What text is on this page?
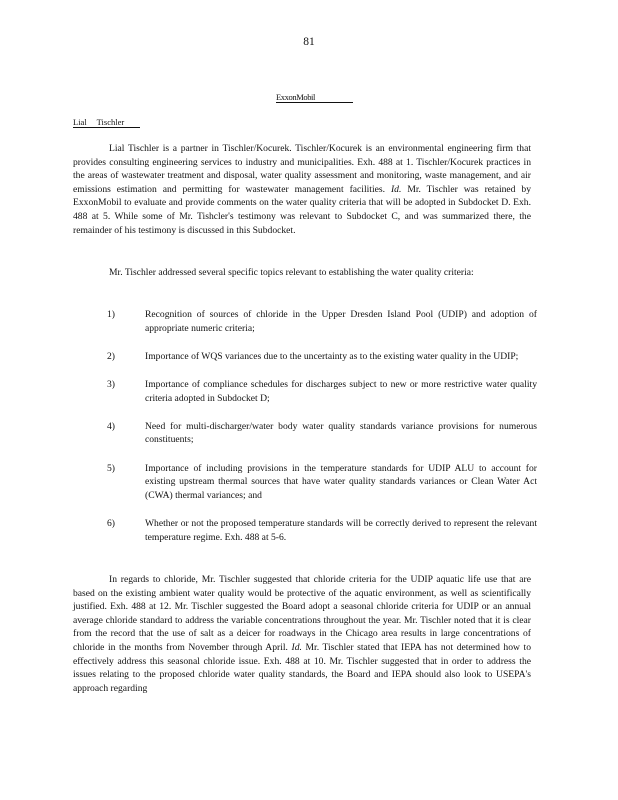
81
ExxonMobil
Lial Tischler

Lial Tischler is a partner in Tischler/Kocurek. Tischler/Kocurek is an environmental engineering firm that provides consulting engineering services to industry and municipalities. Exh. 488 at 1. Tischler/Kocurek practices in the areas of wastewater treatment and disposal, water quality assessment and monitoring, waste management, and air emissions estimation and permitting for wastewater management facilities. Id. Mr. Tischler was retained by ExxonMobil to evaluate and provide comments on the water quality criteria that will be adopted in Subdocket D. Exh. 488 at 5. While some of Mr. Tishcler's testimony was relevant to Subdocket C, and was summarized there, the remainder of his testimony is discussed in this Subdocket.

Mr. Tischler addressed several specific topics relevant to establishing the water quality criteria:

1)	Recognition of sources of chloride in the Upper Dresden Island Pool (UDIP) and adoption of appropriate numeric criteria;
2)	Importance of WQS variances due to the uncertainty as to the existing water quality in the UDIP;
3)	Importance of compliance schedules for discharges subject to new or more restrictive water quality criteria adopted in Subdocket D;
4)	Need for multi-discharger/water body water quality standards variance provisions for numerous constituents;
5)	Importance of including provisions in the temperature standards for UDIP ALU to account for existing upstream thermal sources that have water quality standards variances or Clean Water Act (CWA) thermal variances; and
6)	Whether or not the proposed temperature standards will be correctly derived to represent the relevant temperature regime. Exh. 488 at 5-6.

In regards to chloride, Mr. Tischler suggested that chloride criteria for the UDIP aquatic life use that are based on the existing ambient water quality would be protective of the aquatic environment, as well as scientifically justified. Exh. 488 at 12. Mr. Tischler suggested the Board adopt a seasonal chloride criteria for UDIP or an annual average chloride standard to address the variable concentrations throughout the year. Mr. Tischler noted that it is clear from the record that the use of salt as a deicer for roadways in the Chicago area results in large concentrations of chloride in the months from November through April. Id. Mr. Tischler stated that IEPA has not determined how to effectively address this seasonal chloride issue. Exh. 488 at 10. Mr. Tischler suggested that in order to address the issues relating to the proposed chloride water quality standards, the Board and IEPA should also look to USEPA's approach regarding
